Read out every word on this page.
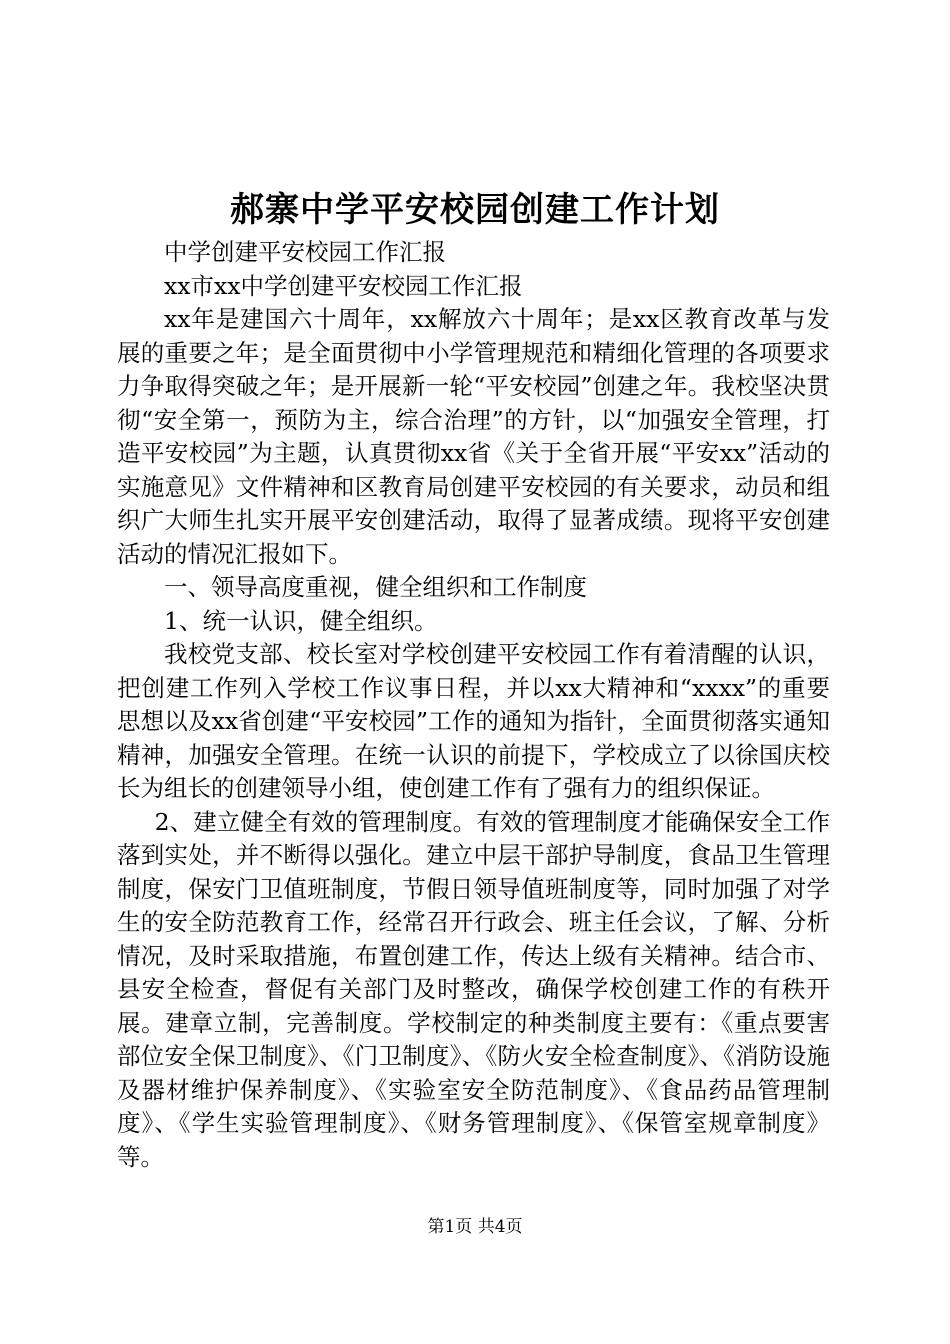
郝寨中学平安校园创建工作计划

中学创建平安校园工作汇报

xx市xx中学创建平安校园工作汇报

xx年是建国六十周年，xx解放六十周年；是xx区教育改革与发展的重要之年；是全面贯彻中小学管理规范和精细化管理的各项要求力争取得突破之年；是开展新一轮“平安校园”创建之年。我校坚决贯彻“安全第一，预防为主，综合治理”的方针，以“加强安全管理，打造平安校园”为主题，认真贯彻xx省《关于全省开展“平安xx”活动的实施意见》文件精神和区教育局创建平安校园的有关要求，动员和组织广大师生扎实开展平安创建活动，取得了显著成绩。现将平安创建活动的情况汇报如下。

一、领导高度重视，健全组织和工作制度

1、统一认识，健全组织。

我校党支部、校长室对学校创建平安校园工作有着清醒的认识，把创建工作列入学校工作议事日程，并以xx大精神和“xxxx”的重要思想以及xx省创建“平安校园”工作的通知为指针，全面贯彻落实通知精神，加强安全管理。在统一认识的前提下，学校成立了以徐国庆校长为组长的创建领导小组，使创建工作有了强有力的组织保证。

2、建立健全有效的管理制度。有效的管理制度才能确保安全工作落到实处，并不断得以强化。建立中层干部护导制度，食品卫生管理制度，保安门卫值班制度，节假日领导值班制度等，同时加强了对学生的安全防范教育工作，经常召开行政会、班主任会议，了解、分析情况，及时采取措施，布置创建工作，传达上级有关精神。结合市、县安全检查，督促有关部门及时整改，确保学校创建工作的有秩开展。建章立制，完善制度。学校制定的种类制度主要有：《重点要害部位安全保卫制度》、《门卫制度》、《防火安全检查制度》、《消防设施及器材维护保养制度》、《实验室安全防范制度》、《食品药品管理制度》、《学生实验管理制度》、《财务管理制度》、《保管室规章制度》等。

第1页 共4页
